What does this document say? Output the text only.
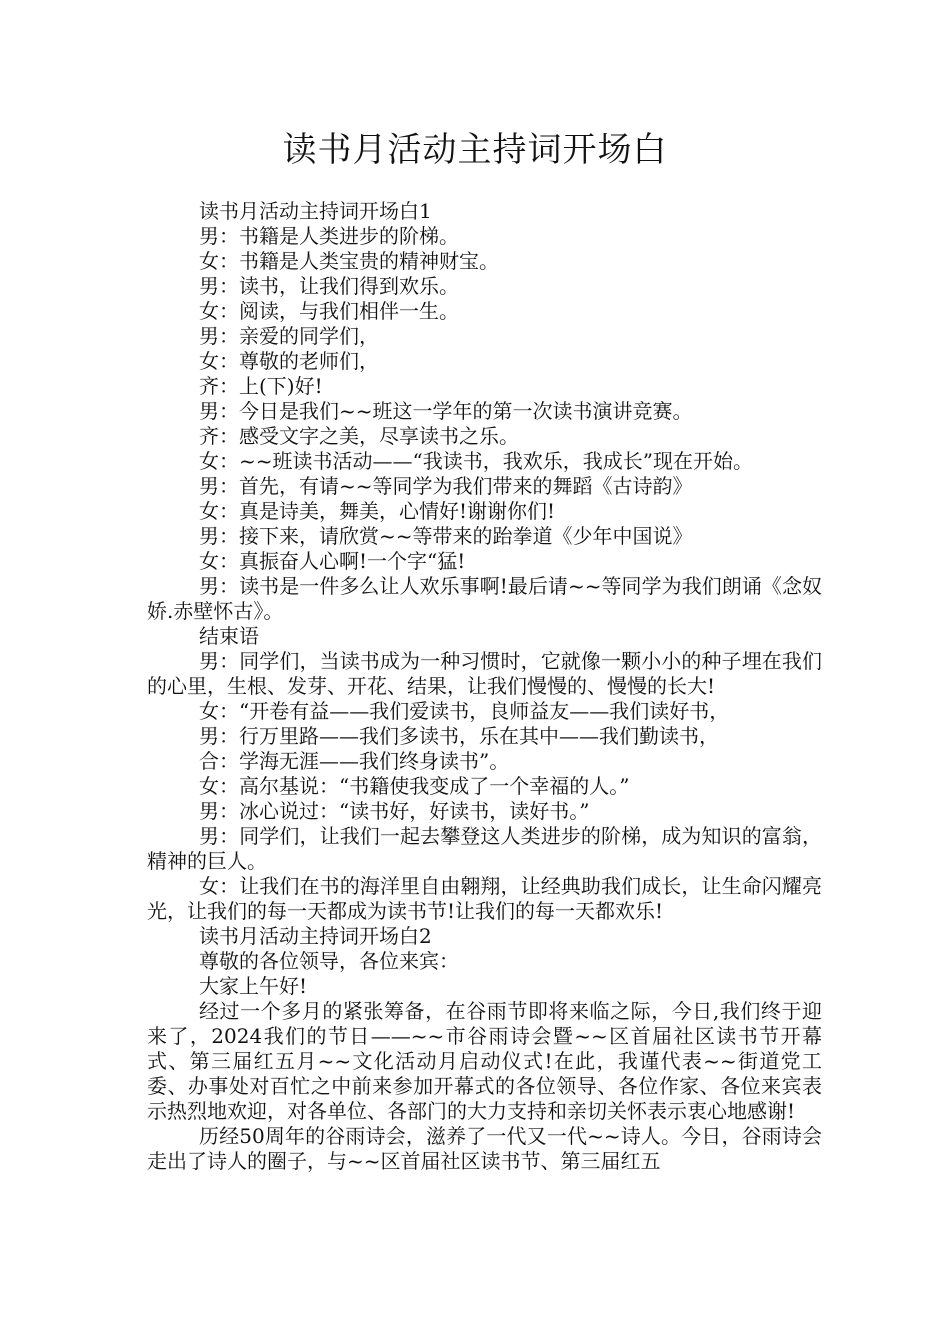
读书月活动主持词开场白

读书月活动主持词开场白1

男：书籍是人类进步的阶梯。

女：书籍是人类宝贵的精神财宝。

男：读书，让我们得到欢乐。

女：阅读，与我们相伴一生。

男：亲爱的同学们，

女：尊敬的老师们，

齐：上(下)好!

男：今日是我们~~班这一学年的第一次读书演讲竞赛。

齐：感受文字之美，尽享读书之乐。

女：~~班读书活动——“我读书，我欢乐，我成长”现在开始。

男：首先，有请~~等同学为我们带来的舞蹈《古诗韵》

女：真是诗美，舞美，心情好!谢谢你们!

男：接下来，请欣赏~~等带来的跆拳道《少年中国说》

女：真振奋人心啊!一个字“猛!

男：读书是一件多么让人欢乐事啊!最后请~~等同学为我们朗诵《念奴娇.赤壁怀古》。

结束语

男：同学们，当读书成为一种习惯时，它就像一颗小小的种子埋在我们的心里，生根、发芽、开花、结果，让我们慢慢的、慢慢的长大!

女：“开卷有益——我们爱读书，良师益友——我们读好书，

男：行万里路——我们多读书，乐在其中——我们勤读书，

合：学海无涯——我们终身读书”。

女：高尔基说：“书籍使我变成了一个幸福的人。”

男：冰心说过：“读书好，好读书，读好书。”

男：同学们，让我们一起去攀登这人类进步的阶梯，成为知识的富翁，精神的巨人。

女：让我们在书的海洋里自由翱翔，让经典助我们成长，让生命闪耀亮光，让我们的每一天都成为读书节!让我们的每一天都欢乐!

读书月活动主持词开场白2

尊敬的各位领导，各位来宾：

大家上午好!

经过一个多月的紧张筹备，在谷雨节即将来临之际，今日,我们终于迎来了，2024我们的节日——~~市谷雨诗会暨~~区首届社区读书节开幕式、第三届红五月~~文化活动月启动仪式!在此，我谨代表~~街道党工委、办事处对百忙之中前来参加开幕式的各位领导、各位作家、各位来宾表示热烈地欢迎，对各单位、各部门的大力支持和亲切关怀表示衷心地感谢!

历经50周年的谷雨诗会，滋养了一代又一代~~诗人。今日，谷雨诗会走出了诗人的圈子，与~~区首届社区读书节、第三届红五
